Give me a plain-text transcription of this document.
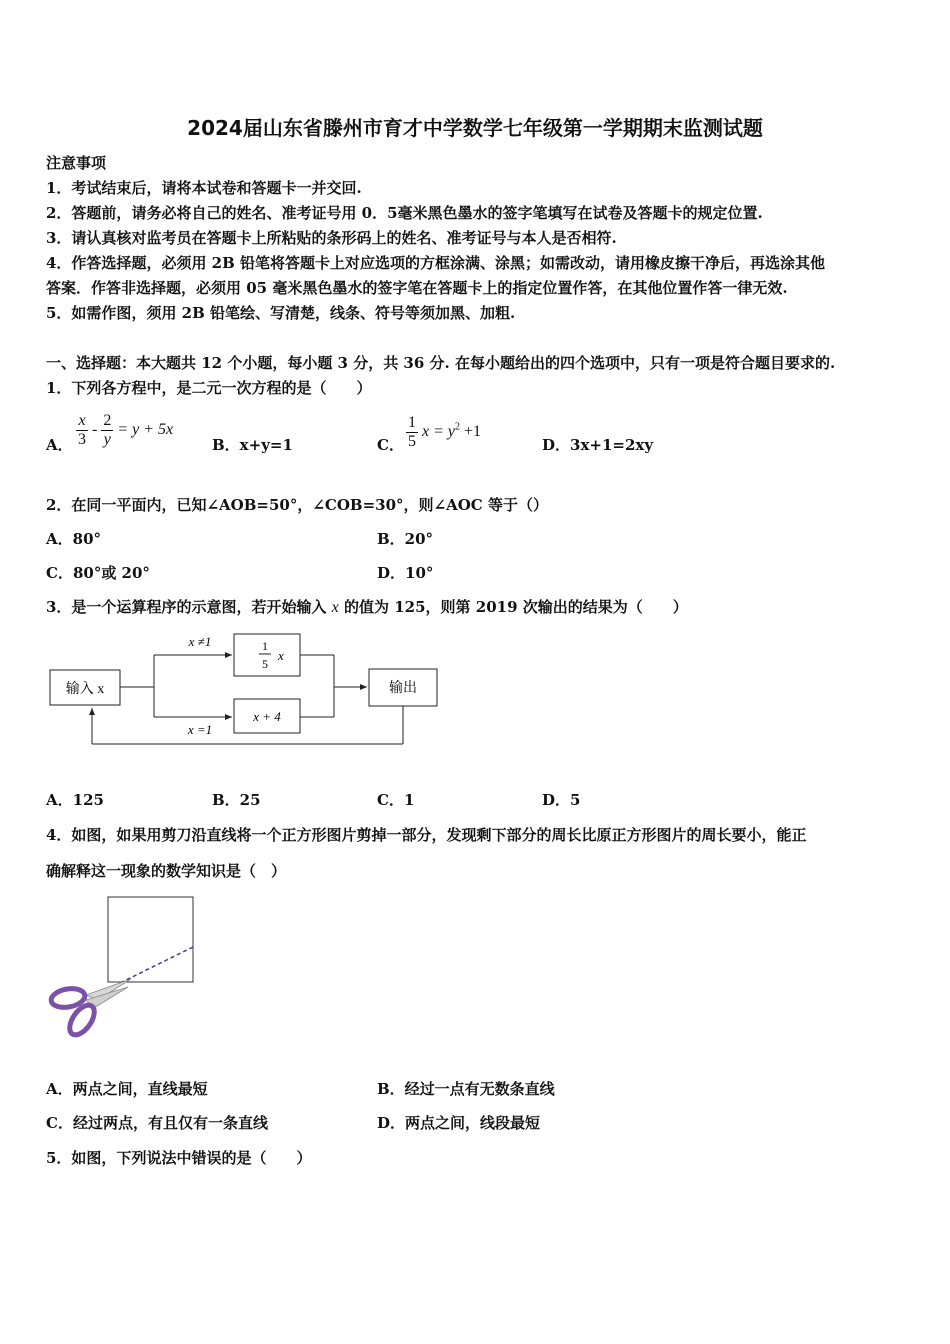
2024届山东省滕州市育才中学数学七年级第一学期期末监测试题
注意事项
1．考试结束后，请将本试卷和答题卡一并交回.
2．答题前，请务必将自己的姓名、准考证号用 0．5毫米黑色墨水的签字笔填写在试卷及答题卡的规定位置.
3．请认真核对监考员在答题卡上所粘贴的条形码上的姓名、准考证号与本人是否相符.
4．作答选择题，必须用 2B 铅笔将答题卡上对应选项的方框涂满、涂黑；如需改动，请用橡皮擦干净后，再选涂其他
答案．作答非选择题，必须用 05 毫米黑色墨水的签字笔在答题卡上的指定位置作答，在其他位置作答一律无效.
5．如需作图，须用 2B 铅笔绘、写清楚，线条、符号等须加黑、加粗.
一、选择题：本大题共 12 个小题，每小题 3 分，共 36 分. 在每小题给出的四个选项中，只有一项是符合题目要求的.
1．下列各方程中，是二元一次方程的是（　　）
A． $\frac{x}{3} - \frac{2}{y} = y + 5x$
B．x+y=1	C． $\frac{1}{5}$ $x = y^2 +1$
D．3x+1=2xy
2．在同一平面内，已知∠AOB=50°，∠COB=30°，则∠AOC 等于（）
A．80°	B．20°
C．80°或 20°	D．10°
3．是一个运算程序的示意图，若开始输入 x 的值为 125，则第 2019 次输出的结果为（　　）
输入 x
x ≠1
x =1
1
5
x
x + 4
输出
A．125	B．25	C．1	D．5
4．如图，如果用剪刀沿直线将一个正方形图片剪掉一部分，发现剩下部分的周长比原正方形图片的周长要小，能正
确解释这一现象的数学知识是（　）
A．两点之间，直线最短	B．经过一点有无数条直线
C．经过两点，有且仅有一条直线	D．两点之间，线段最短
5．如图，下列说法中错误的是（　　）
